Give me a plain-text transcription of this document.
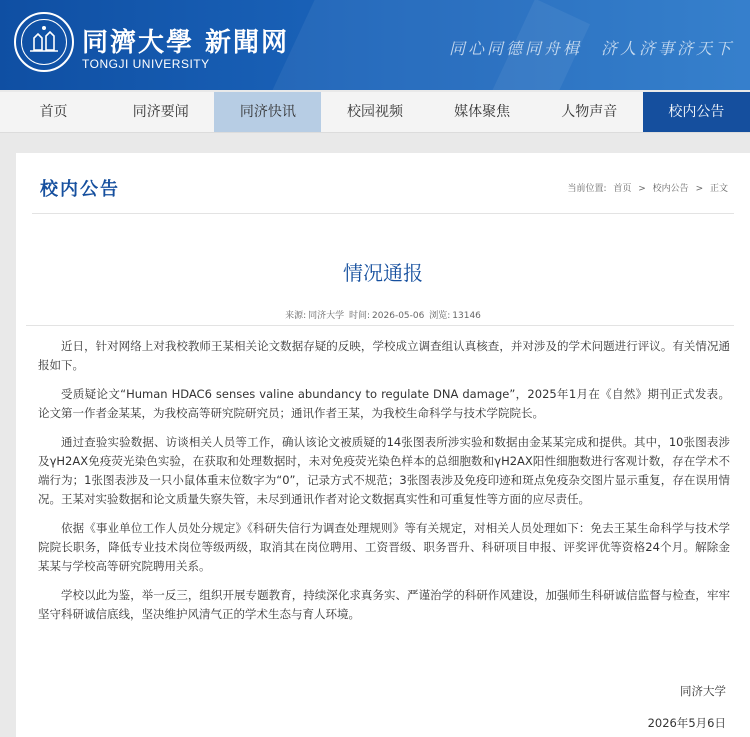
同濟大學 新聞网
TONGJI UNIVERSITY
同心同德同舟楫　济人济事济天下
首页	同济要闻	同济快讯	校园视频	媒体聚焦	人物声音	校内公告
校内公告	当前位置: 首页 > 校内公告 > 正文
情况通报
来源: 同济大学 时间: 2026-05-06 浏览: 13146

近日，针对网络上对我校教师王某相关论文数据存疑的反映，学校成立调查组认真核查，并对涉及的学术问题进行评议。有关情况通报如下。

受质疑论文“Human HDAC6 senses valine abundancy to regulate DNA damage”，2025年1月在《自然》期刊正式发表。论文第一作者金某某，为我校高等研究院研究员；通讯作者王某，为我校生命科学与技术学院院长。

通过查验实验数据、访谈相关人员等工作，确认该论文被质疑的14张图表所涉实验和数据由金某某完成和提供。其中，10张图表涉及γH2AX免疫荧光染色实验，在获取和处理数据时，未对免疫荧光染色样本的总细胞数和γH2AX阳性细胞数进行客观计数，存在学术不端行为；1张图表涉及一只小鼠体重末位数字为“0”，记录方式不规范；3张图表涉及免疫印迹和斑点免疫杂交图片显示重复，存在误用情况。王某对实验数据和论文质量失察失管，未尽到通讯作者对论文数据真实性和可重复性等方面的应尽责任。

依据《事业单位工作人员处分规定》《科研失信行为调查处理规则》等有关规定，对相关人员处理如下：免去王某生命科学与技术学院院长职务，降低专业技术岗位等级两级，取消其在岗位聘用、工资晋级、职务晋升、科研项目申报、评奖评优等资格24个月。解除金某某与学校高等研究院聘用关系。

学校以此为鉴，举一反三，组织开展专题教育，持续深化求真务实、严谨治学的科研作风建设，加强师生科研诚信监督与检查，牢牢坚守科研诚信底线，坚决维护风清气正的学术生态与育人环境。

同济大学
2026年5月6日
